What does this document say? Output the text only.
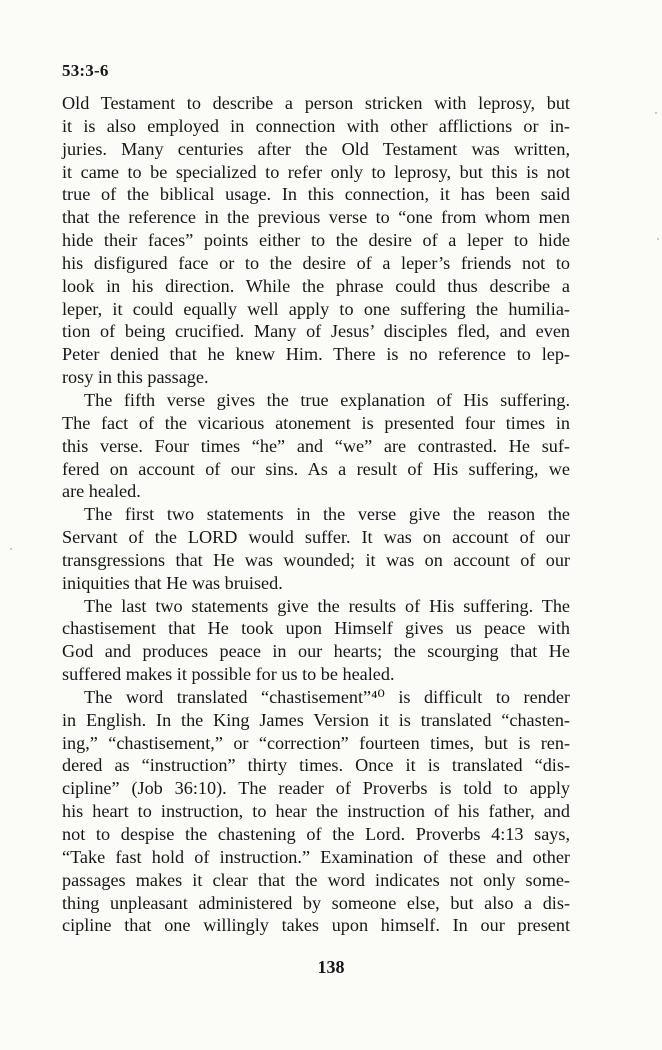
53:3-6
Old Testament to describe a person stricken with leprosy, but
it is also employed in connection with other afflictions or in-
juries. Many centuries after the Old Testament was written,
it came to be specialized to refer only to leprosy, but this is not
true of the biblical usage. In this connection, it has been said
that the reference in the previous verse to “one from whom men
hide their faces” points either to the desire of a leper to hide
his disfigured face or to the desire of a leper’s friends not to
look in his direction. While the phrase could thus describe a
leper, it could equally well apply to one suffering the humilia-
tion of being crucified. Many of Jesus’ disciples fled, and even
Peter denied that he knew Him. There is no reference to lep-
rosy in this passage.
The fifth verse gives the true explanation of His suffering.
The fact of the vicarious atonement is presented four times in
this verse. Four times “he” and “we” are contrasted. He suf-
fered on account of our sins. As a result of His suffering, we
are healed.
The first two statements in the verse give the reason the
Servant of the LORD would suffer. It was on account of our
transgressions that He was wounded; it was on account of our
iniquities that He was bruised.
The last two statements give the results of His suffering. The
chastisement that He took upon Himself gives us peace with
God and produces peace in our hearts; the scourging that He
suffered makes it possible for us to be healed.
The word translated “chastisement”⁴⁰ is difficult to render
in English. In the King James Version it is translated “chasten-
ing,” “chastisement,” or “correction” fourteen times, but is ren-
dered as “instruction” thirty times. Once it is translated “dis-
cipline” (Job 36:10). The reader of Proverbs is told to apply
his heart to instruction, to hear the instruction of his father, and
not to despise the chastening of the Lord. Proverbs 4:13 says,
“Take fast hold of instruction.” Examination of these and other
passages makes it clear that the word indicates not only some-
thing unpleasant administered by someone else, but also a dis-
cipline that one willingly takes upon himself. In our present
138
